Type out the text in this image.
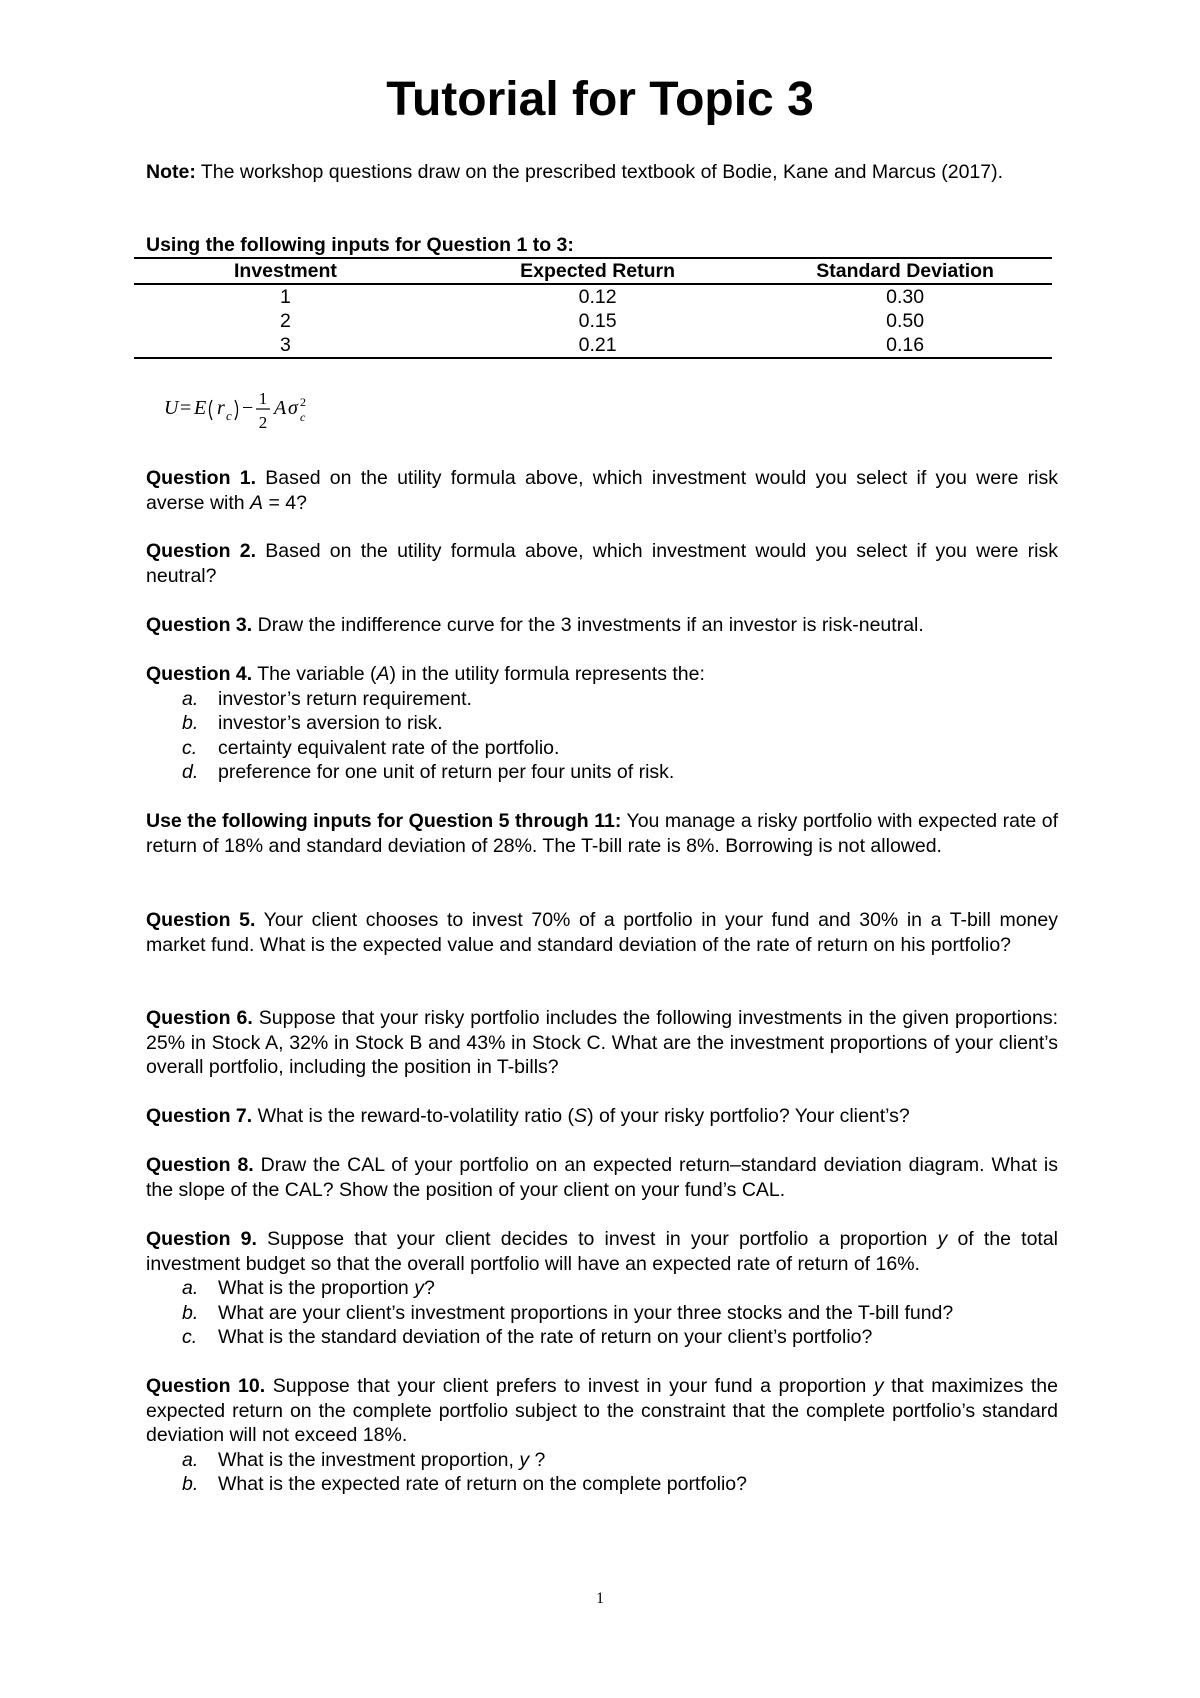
Tutorial for Topic 3
Note: The workshop questions draw on the prescribed textbook of Bodie, Kane and Marcus (2017).
Using the following inputs for Question 1 to 3:
Investment	Expected Return	Standard Deviation
1	0.12	0.30
2	0.15	0.50
3	0.21	0.16
U = E r c − 1
2
A σ 2
c
Question 1. Based on the utility formula above, which investment would you select if you were risk averse with A = 4?
Question 2. Based on the utility formula above, which investment would you select if you were risk neutral?
Question 3. Draw the indifference curve for the 3 investments if an investor is risk-neutral.
Question 4. The variable (A) in the utility formula represents the:
a. investor’s return requirement.
b. investor’s aversion to risk.
c. certainty equivalent rate of the portfolio.
d. preference for one unit of return per four units of risk.
Use the following inputs for Question 5 through 11: You manage a risky portfolio with expected rate of return of 18% and standard deviation of 28%. The T-bill rate is 8%. Borrowing is not allowed.
Question 5. Your client chooses to invest 70% of a portfolio in your fund and 30% in a T-bill money market fund. What is the expected value and standard deviation of the rate of return on his portfolio?
Question 6. Suppose that your risky portfolio includes the following investments in the given proportions: 25% in Stock A, 32% in Stock B and 43% in Stock C. What are the investment proportions of your client’s overall portfolio, including the position in T-bills?
Question 7. What is the reward-to-volatility ratio (S) of your risky portfolio? Your client’s?
Question 8. Draw the CAL of your portfolio on an expected return–standard deviation diagram. What is the slope of the CAL? Show the position of your client on your fund’s CAL.
Question 9. Suppose that your client decides to invest in your portfolio a proportion y of the total investment budget so that the overall portfolio will have an expected rate of return of 16%.
a. What is the proportion y?
b. What are your client’s investment proportions in your three stocks and the T-bill fund?
c. What is the standard deviation of the rate of return on your client’s portfolio?
Question 10. Suppose that your client prefers to invest in your fund a proportion y that maximizes the expected return on the complete portfolio subject to the constraint that the complete portfolio’s standard deviation will not exceed 18%.
a. What is the investment proportion, y ?
b. What is the expected rate of return on the complete portfolio?
1
